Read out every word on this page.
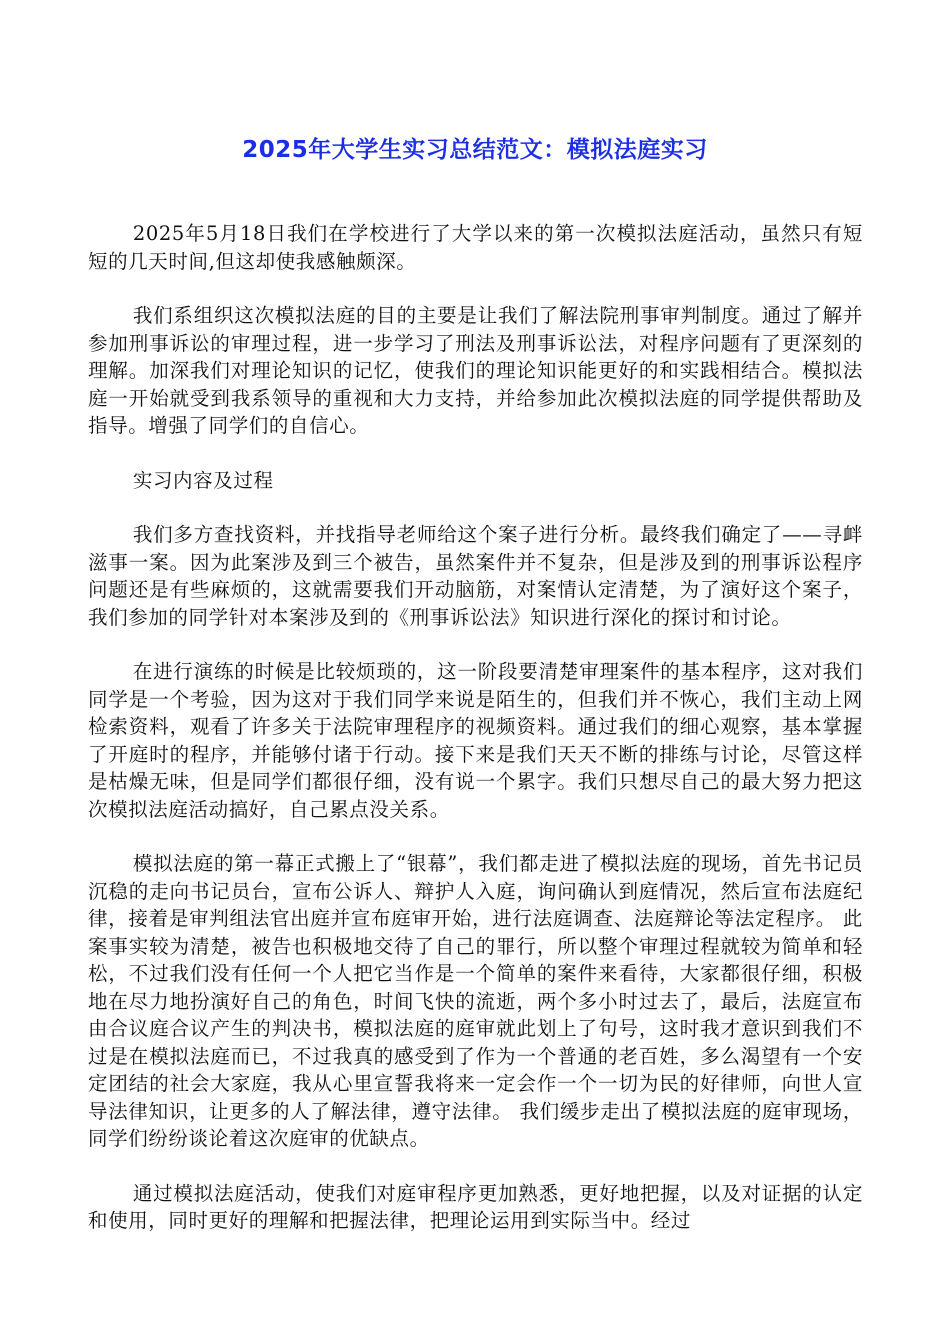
2025年大学生实习总结范文：模拟法庭实习

2025年5月18日我们在学校进行了大学以来的第一次模拟法庭活动，虽然只有短短的几天时间,但这却使我感触颇深。

我们系组织这次模拟法庭的目的主要是让我们了解法院刑事审判制度。通过了解并参加刑事诉讼的审理过程，进一步学习了刑法及刑事诉讼法，对程序问题有了更深刻的理解。加深我们对理论知识的记忆，使我们的理论知识能更好的和实践相结合。模拟法庭一开始就受到我系领导的重视和大力支持，并给参加此次模拟法庭的同学提供帮助及指导。增强了同学们的自信心。

实习内容及过程

我们多方查找资料，并找指导老师给这个案子进行分析。最终我们确定了——寻衅滋事一案。因为此案涉及到三个被告，虽然案件并不复杂，但是涉及到的刑事诉讼程序问题还是有些麻烦的，这就需要我们开动脑筋，对案情认定清楚，为了演好这个案子，我们参加的同学针对本案涉及到的《刑事诉讼法》知识进行深化的探讨和讨论。

在进行演练的时候是比较烦琐的，这一阶段要清楚审理案件的基本程序，这对我们同学是一个考验，因为这对于我们同学来说是陌生的，但我们并不恢心，我们主动上网检索资料，观看了许多关于法院审理程序的视频资料。通过我们的细心观察，基本掌握了开庭时的程序，并能够付诸于行动。接下来是我们天天不断的排练与讨论，尽管这样是枯燥无味，但是同学们都很仔细，没有说一个累字。我们只想尽自己的最大努力把这次模拟法庭活动搞好，自己累点没关系。

模拟法庭的第一幕正式搬上了“银幕”，我们都走进了模拟法庭的现场，首先书记员沉稳的走向书记员台，宣布公诉人、辩护人入庭，询问确认到庭情况，然后宣布法庭纪律，接着是审判组法官出庭并宣布庭审开始，进行法庭调查、法庭辩论等法定程序。 此案事实较为清楚，被告也积极地交待了自己的罪行，所以整个审理过程就较为简单和轻松，不过我们没有任何一个人把它当作是一个简单的案件来看待，大家都很仔细，积极地在尽力地扮演好自己的角色，时间飞快的流逝，两个多小时过去了，最后，法庭宣布由合议庭合议产生的判决书，模拟法庭的庭审就此划上了句号，这时我才意识到我们不过是在模拟法庭而已，不过我真的感受到了作为一个普通的老百姓，多么渴望有一个安定团结的社会大家庭，我从心里宣誓我将来一定会作一个一切为民的好律师，向世人宣导法律知识，让更多的人了解法律，遵守法律。 我们缓步走出了模拟法庭的庭审现场，同学们纷纷谈论着这次庭审的优缺点。

通过模拟法庭活动，使我们对庭审程序更加熟悉，更好地把握，以及对证据的认定和使用，同时更好的理解和把握法律，把理论运用到实际当中。经过
